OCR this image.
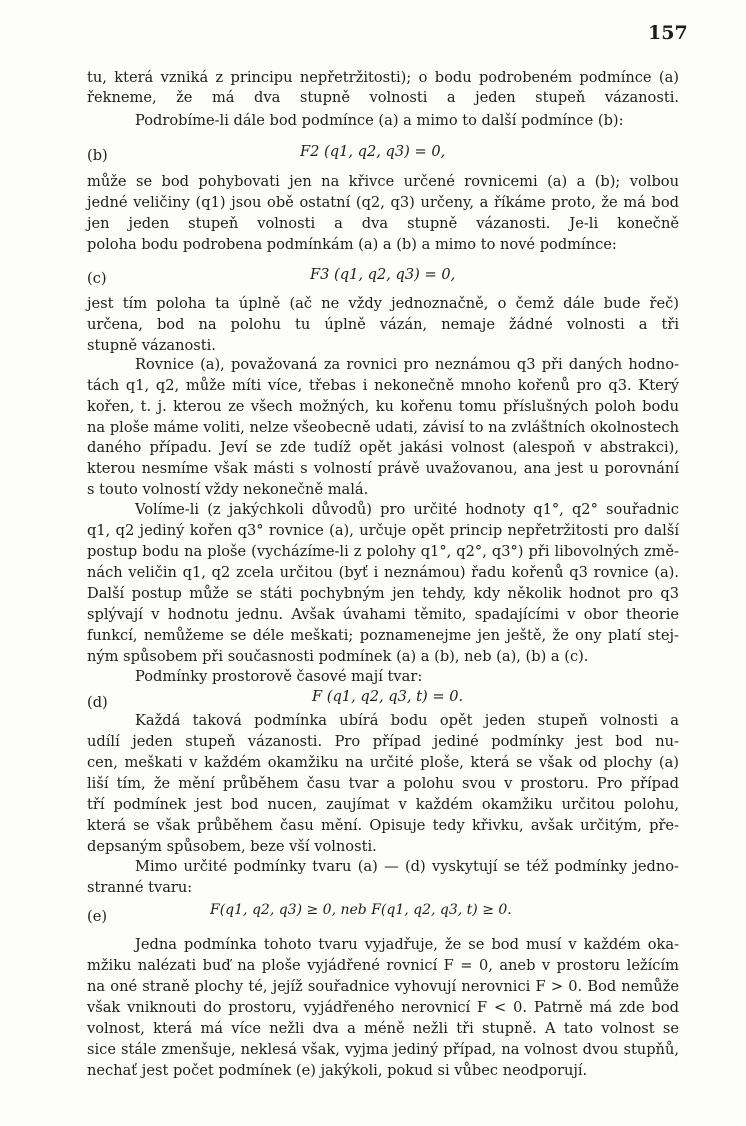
157
tu, která vzniká z principu nepřetržitosti); o bodu podrobeném podmínce (a)
řekneme, že má dva stupně volnosti a jeden stupeň vázanosti.
Podrobíme-li dále bod podmínce (a) a mimo to další podmínce (b):
(b)	F2 (q1, q2, q3) = 0,
může se bod pohybovati jen na křivce určené rovnicemi (a) a (b); volbou
jedné veličiny (q1) jsou obě ostatní (q2, q3) určeny, a říkáme proto, že má bod
jen jeden stupeň volnosti a dva stupně vázanosti. Je-li konečně
poloha bodu podrobena podmínkám (a) a (b) a mimo to nové podmínce:
(c)	F3 (q1, q2, q3) = 0,
jest tím poloha ta úplně (ač ne vždy jednoznačně, o čemž dále bude řeč)
určena, bod na polohu tu úplně vázán, nemaje žádné volnosti a tři
stupně vázanosti.
Rovnice (a), považovaná za rovnici pro neznámou q3 při daných hodno-
tách q1, q2, může míti více, třebas i nekonečně mnoho kořenů pro q3. Který
kořen, t. j. kterou ze všech možných, ku kořenu tomu příslušných poloh bodu
na ploše máme voliti, nelze všeobecně udati, závisí to na zvláštních okolnostech
daného případu. Jeví se zde tudíž opět jakási volnost (alespoň v abstrakci),
kterou nesmíme však másti s volností právě uvažovanou, ana jest u porovnání
s touto volností vždy nekonečně malá.
Volíme-li (z jakýchkoli důvodů) pro určité hodnoty q1°, q2° souřadnic
q1, q2 jediný kořen q3° rovnice (a), určuje opět princip nepřetržitosti pro další
postup bodu na ploše (vycházíme-li z polohy q1°, q2°, q3°) při libovolných změ-
nách veličin q1, q2 zcela určitou (byť i neznámou) řadu kořenů q3 rovnice (a).
Další postup může se státi pochybným jen tehdy, kdy několik hodnot pro q3
splývají v hodnotu jednu. Avšak úvahami těmito, spadajícími v obor theorie
funkcí, nemůžeme se déle meškati; poznamenejme jen ještě, že ony platí stej-
ným spůsobem při současnosti podmínek (a) a (b), neb (a), (b) a (c).
Podmínky prostorově časové mají tvar:
(d)	F (q1, q2, q3, t) = 0.
Každá taková podmínka ubírá bodu opět jeden stupeň volnosti a
udílí jeden stupeň vázanosti. Pro případ jediné podmínky jest bod nu-
cen, meškati v každém okamžiku na určité ploše, která se však od plochy (a)
liší tím, že mění průběhem času tvar a polohu svou v prostoru. Pro případ
tří podmínek jest bod nucen, zaujímat v každém okamžiku určitou polohu,
která se však průběhem času mění. Opisuje tedy křivku, avšak určitým, pře-
depsaným spůsobem, beze vší volnosti.
Mimo určité podmínky tvaru (a) — (d) vyskytují se též podmínky jedno-
stranné tvaru:
(e)	F(q1, q2, q3) ≥ 0, neb F(q1, q2, q3, t) ≥ 0.
Jedna podmínka tohoto tvaru vyjadřuje, že se bod musí v každém oka-
mžiku nalézati buď na ploše vyjádřené rovnicí F = 0, aneb v prostoru ležícím
na oné straně plochy té, jejíž souřadnice vyhovují nerovnici F > 0. Bod nemůže
však vniknouti do prostoru, vyjádřeného nerovnicí F < 0. Patrně má zde bod
volnost, která má více nežli dva a méně nežli tři stupně. A tato volnost se
sice stále zmenšuje, neklesá však, vyjma jediný případ, na volnost dvou stupňů,
nechať jest počet podmínek (e) jakýkoli, pokud si vůbec neodporují.
